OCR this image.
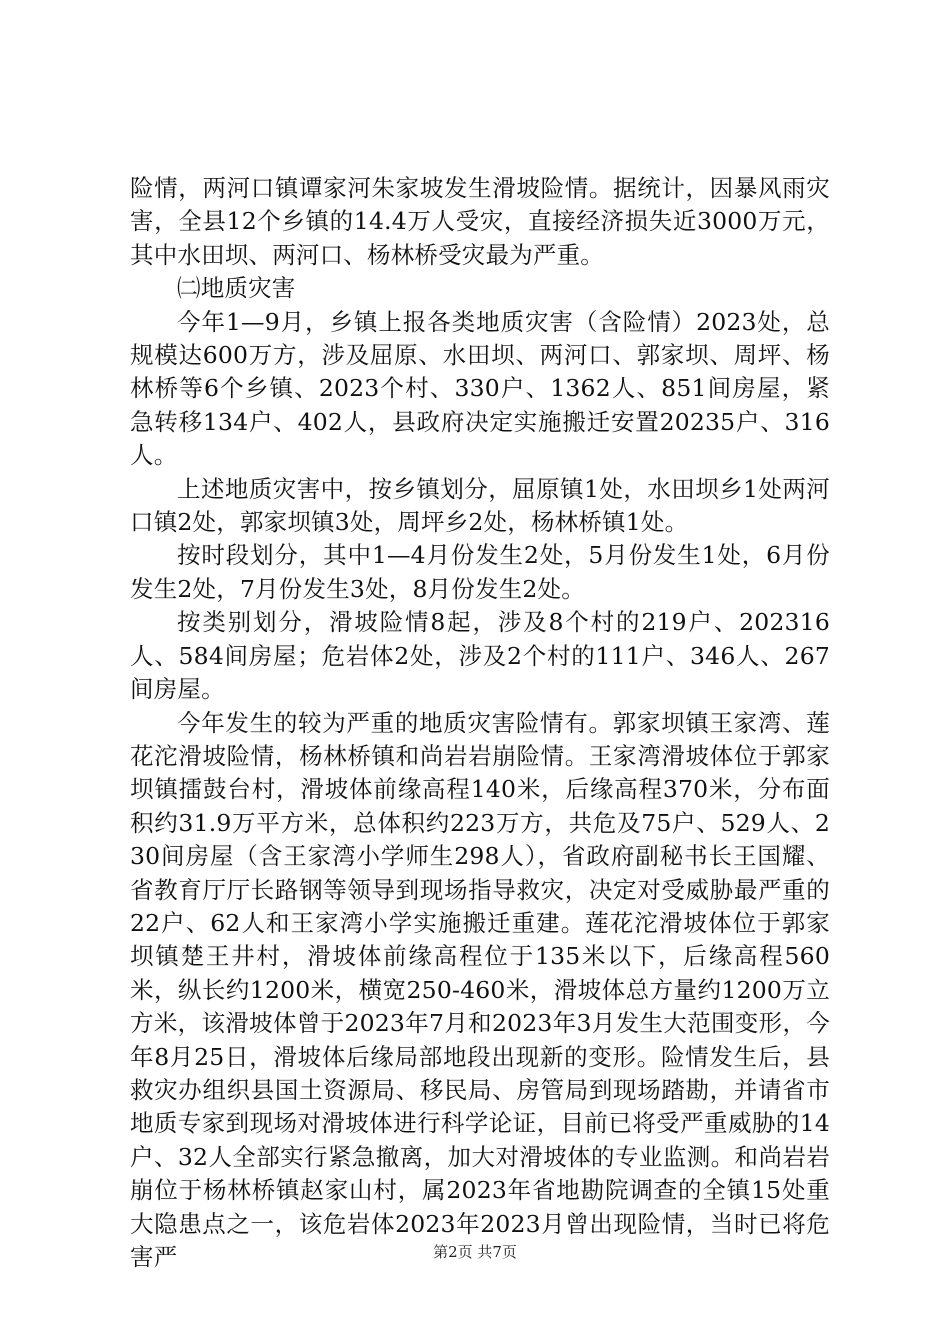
险情，两河口镇谭家河朱家坡发生滑坡险情。据统计，因暴风雨灾害，全县12个乡镇的14.4万人受灾，直接经济损失近3000万元，其中水田坝、两河口、杨林桥受灾最为严重。

㈡地质灾害

今年1—9月，乡镇上报各类地质灾害（含险情）2023处，总规模达600万方，涉及屈原、水田坝、两河口、郭家坝、周坪、杨林桥等6个乡镇、2023个村、330户、1362人、851间房屋，紧急转移134户、402人，县政府决定实施搬迁安置20235户、316人。

上述地质灾害中，按乡镇划分，屈原镇1处，水田坝乡1处两河口镇2处，郭家坝镇3处，周坪乡2处，杨林桥镇1处。

按时段划分，其中1—4月份发生2处，5月份发生1处，6月份发生2处，7月份发生3处，8月份发生2处。

按类别划分，滑坡险情8起，涉及8个村的219户、202316人、584间房屋；危岩体2处，涉及2个村的111户、346人、267间房屋。

今年发生的较为严重的地质灾害险情有。郭家坝镇王家湾、莲花沱滑坡险情，杨林桥镇和尚岩岩崩险情。王家湾滑坡体位于郭家坝镇擂鼓台村，滑坡体前缘高程140米，后缘高程370米，分布面积约31.9万平方米，总体积约223万方，共危及75户、529人、230间房屋（含王家湾小学师生298人），省政府副秘书长王国耀、省教育厅厅长路钢等领导到现场指导救灾，决定对受威胁最严重的22户、62人和王家湾小学实施搬迁重建。莲花沱滑坡体位于郭家坝镇楚王井村，滑坡体前缘高程位于135米以下，后缘高程560米，纵长约1200米，横宽250-460米，滑坡体总方量约1200万立方米，该滑坡体曾于2023年7月和2023年3月发生大范围变形，今年8月25日，滑坡体后缘局部地段出现新的变形。险情发生后，县救灾办组织县国土资源局、移民局、房管局到现场踏勘，并请省市地质专家到现场对滑坡体进行科学论证，目前已将受严重威胁的14户、32人全部实行紧急撤离，加大对滑坡体的专业监测。和尚岩岩崩位于杨林桥镇赵家山村，属2023年省地勘院调查的全镇15处重大隐患点之一，该危岩体2023年2023月曾出现险情，当时已将危害严	第2页 共7页
